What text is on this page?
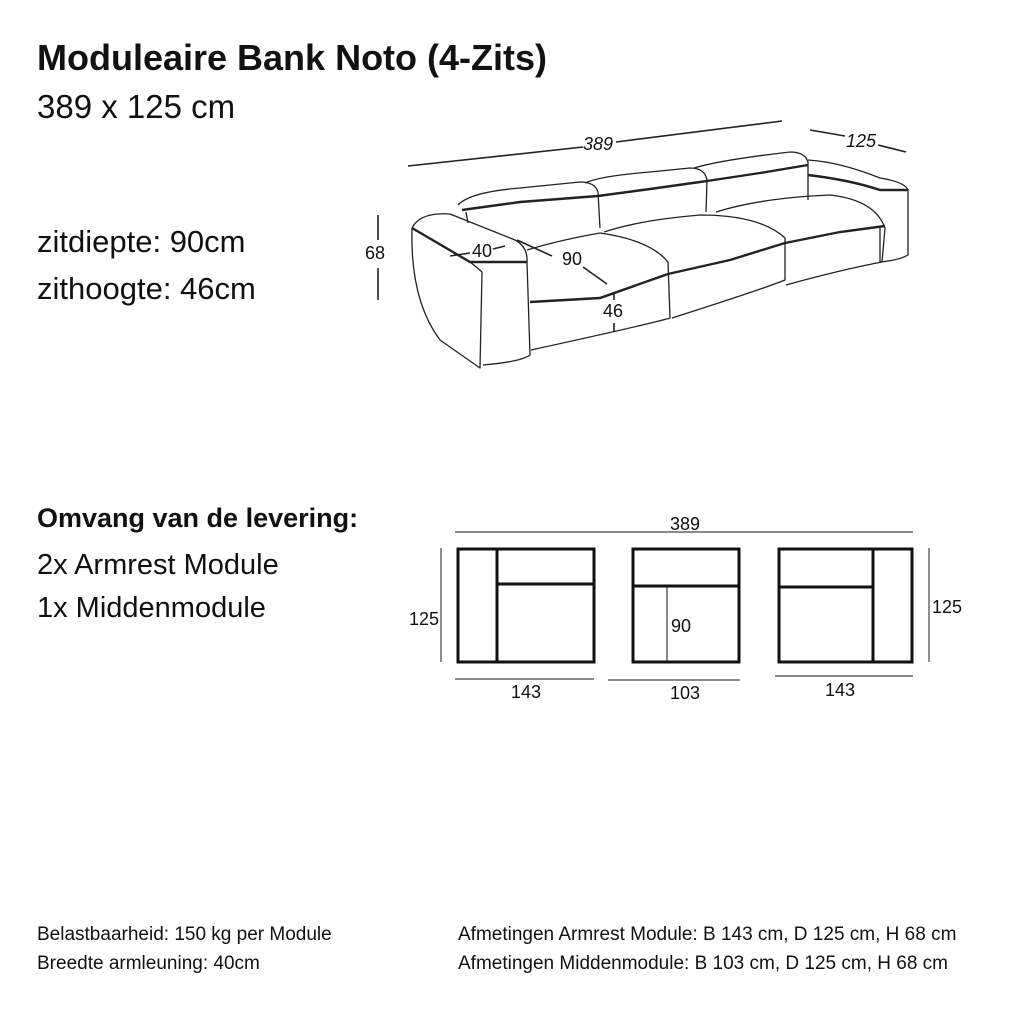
Moduleaire Bank Noto (4-Zits)
389 x 125 cm
zitdiepte: 90cm
zithoogte: 46cm
389	125
68	40	90
46
Omvang van de levering:
2x Armrest Module
1x Middenmodule
389
125
125
90
143	103	143
Belastbaarheid: 150 kg per Module
Breedte armleuning: 40cm
Afmetingen Armrest Module: B 143 cm, D 125 cm, H 68 cm
Afmetingen Middenmodule: B 103 cm, D 125 cm, H 68 cm
